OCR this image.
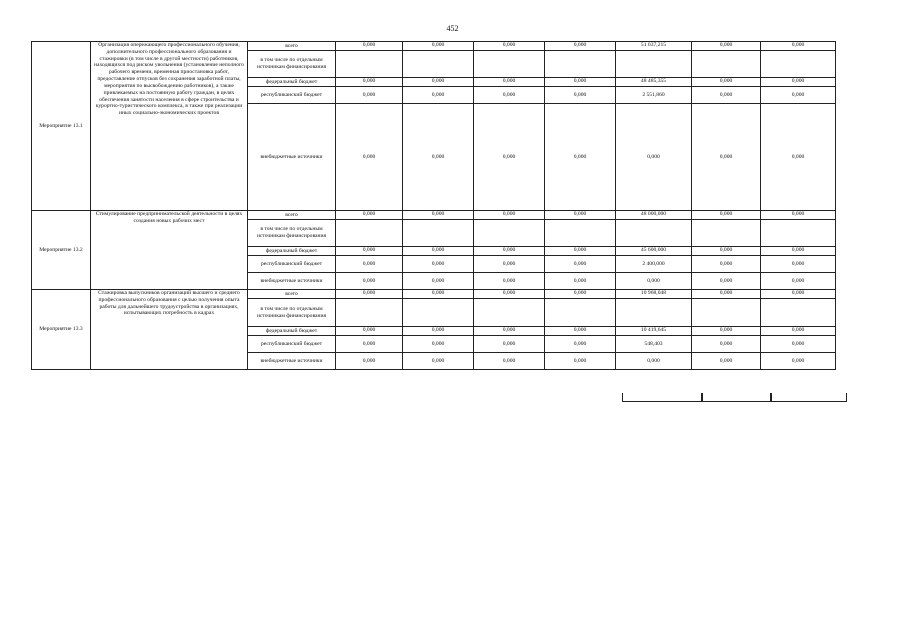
452
Мероприятие 13.1	Организация опережающего профессионального обучения, дополнительного профессионального образования и стажировки (в том числе в другой местности) работников, находящихся под риском увольнения (установление неполного рабочего времени, временная приостановка работ, предоставление отпусков без сохранения заработной платы, мероприятия по высвобождению работников), а также привлекаемых на постоянную работу граждан, в целях обеспечения занятости населения в сфере строительства и курортно-туристического комплекса, в также при реализации иных социально-экономических проектов	всего	0,000	0,000	0,000	0,000	51 037,215	0,000	0,000
		в том числе по отдельным источникам финансирования							
		федеральный бюджет	0,000	0,000	0,000	0,000	48 485,355	0,000	0,000
		республиканский бюджет	0,000	0,000	0,000	0,000	2 551,860	0,000	0,000
		внебюджетные источники	0,000	0,000	0,000	0,000	0,000	0,000	0,000
Мероприятие 13.2	Стимулирование предпринимательской деятельности в целях создания новых рабочих мест	всего	0,000	0,000	0,000	0,000	48 000,000	0,000	0,000
		в том числе по отдельным источникам финансирования							
		федеральный бюджет	0,000	0,000	0,000	0,000	45 600,000	0,000	0,000
		республиканский бюджет	0,000	0,000	0,000	0,000	2 400,000	0,000	0,000
		внебюджетные источники	0,000	0,000	0,000	0,000	0,000	0,000	0,000
Мероприятие 13.3	Стажировка выпускников организаций высшего и среднего профессионального образования с целью получения опыта работы для дальнейшего трудоустройства в организациях, испытывающих потребность в кадрах	всего	0,000	0,000	0,000	0,000	10 968,048	0,000	0,000
		в том числе по отдельным источникам финансирования							
		федеральный бюджет	0,000	0,000	0,000	0,000	10 419,645	0,000	0,000
		республиканский бюджет	0,000	0,000	0,000	0,000	548,403	0,000	0,000
		внебюджетные источники	0,000	0,000	0,000	0,000	0,000	0,000	0,000
